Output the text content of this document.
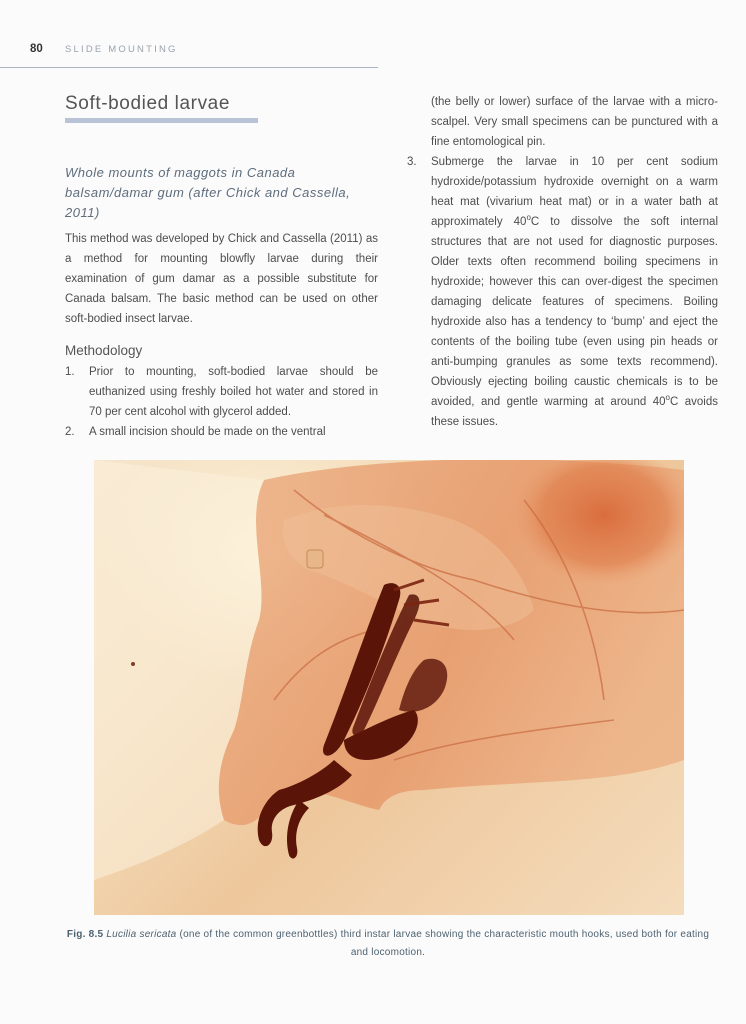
80 SLIDE MOUNTING
Soft-bodied larvae
Whole mounts of maggots in Canada balsam/damar gum (after Chick and Cassella, 2011)

This method was developed by Chick and Cassella (2011) as a method for mounting blowfly larvae during their examination of gum damar as a possible substitute for Canada balsam. The basic method can be used on other soft-bodied insect larvae.

Methodology
1. Prior to mounting, soft-bodied larvae should be euthanized using freshly boiled hot water and stored in 70 per cent alcohol with glycerol added.
2. A small incision should be made on the ventral
(the belly or lower) surface of the larvae with a micro-scalpel. Very small specimens can be punctured with a fine entomological pin.
3. Submerge the larvae in 10 per cent sodium hydroxide/potassium hydroxide overnight on a warm heat mat (vivarium heat mat) or in a water bath at approximately 40$^o$C to dissolve the soft internal structures that are not used for diagnostic purposes. Older texts often recommend boiling specimens in hydroxide; however this can over-digest the specimen damaging delicate features of specimens. Boiling hydroxide also has a tendency to ‘bump’ and eject the contents of the boiling tube (even using pin heads or anti-bumping granules as some texts recommend). Obviously ejecting boiling caustic chemicals is to be avoided, and gentle warming at around 40$^o$C avoids these issues.
Fig. 8.5 Lucilia sericata (one of the common greenbottles) third instar larvae showing the characteristic mouth hooks, used both for eating and locomotion.
